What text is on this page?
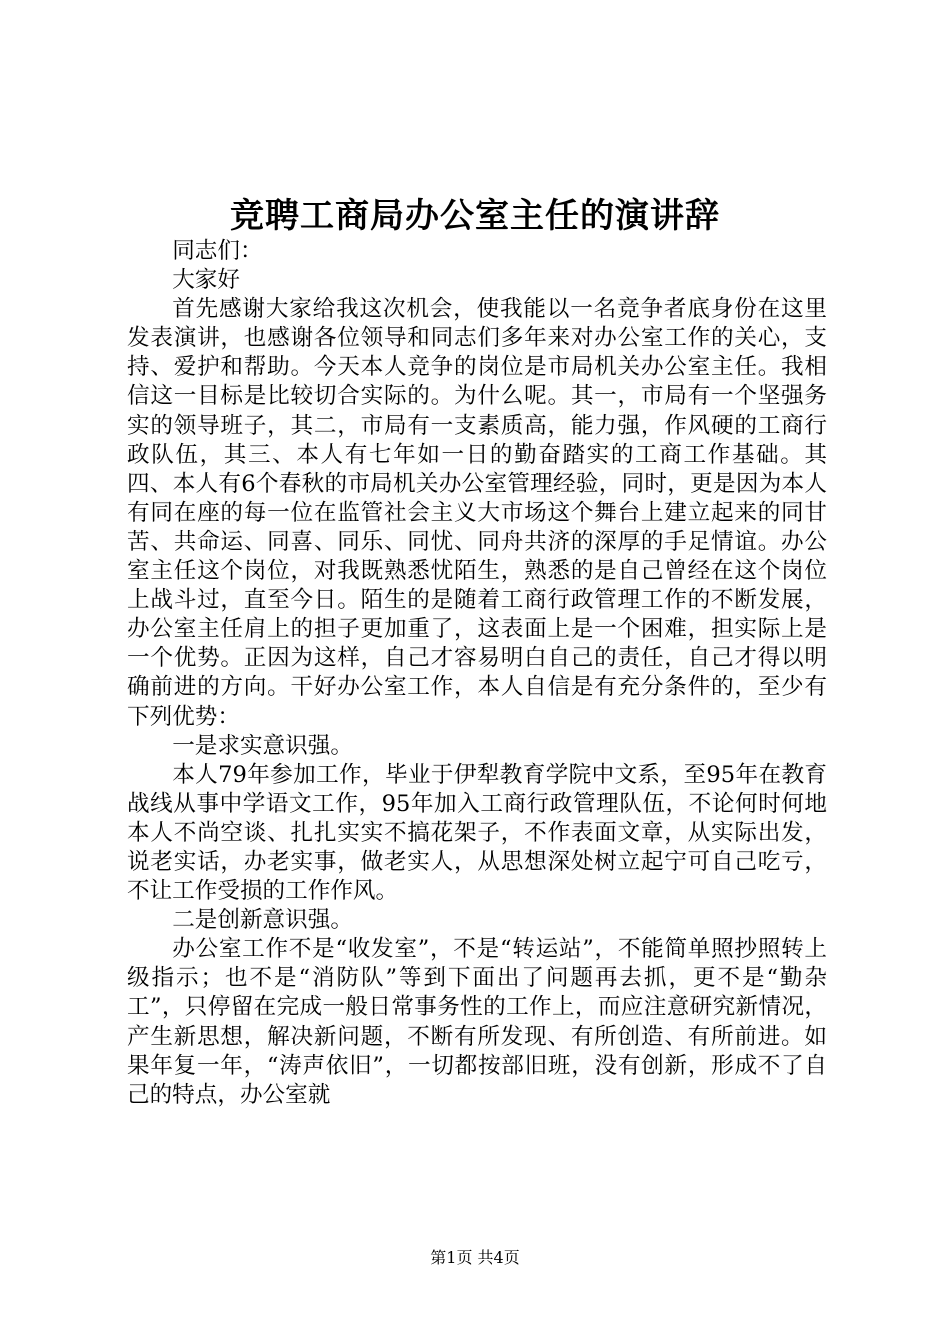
竞聘工商局办公室主任的演讲辞

同志们：

大家好

首先感谢大家给我这次机会，使我能以一名竞争者底身份在这里发表演讲，也感谢各位领导和同志们多年来对办公室工作的关心，支持、爱护和帮助。今天本人竞争的岗位是市局机关办公室主任。我相信这一目标是比较切合实际的。为什么呢。其一，市局有一个坚强务实的领导班子，其二，市局有一支素质高，能力强，作风硬的工商行政队伍，其三、本人有七年如一日的勤奋踏实的工商工作基础。其四、本人有6个春秋的市局机关办公室管理经验，同时，更是因为本人有同在座的每一位在监管社会主义大市场这个舞台上建立起来的同甘苦、共命运、同喜、同乐、同忧、同舟共济的深厚的手足情谊。办公室主任这个岗位，对我既熟悉忧陌生，熟悉的是自己曾经在这个岗位上战斗过，直至今日。陌生的是随着工商行政管理工作的不断发展，办公室主任肩上的担子更加重了，这表面上是一个困难，担实际上是一个优势。正因为这样，自己才容易明白自己的责任，自己才得以明确前进的方向。干好办公室工作，本人自信是有充分条件的，至少有下列优势：

一是求实意识强。

本人79年参加工作，毕业于伊犁教育学院中文系，至95年在教育战线从事中学语文工作，95年加入工商行政管理队伍，不论何时何地本人不尚空谈、扎扎实实不搞花架子，不作表面文章，从实际出发，说老实话，办老实事，做老实人，从思想深处树立起宁可自己吃亏，不让工作受损的工作作风。

二是创新意识强。

办公室工作不是“收发室”，不是“转运站”，不能简单照抄照转上级指示；也不是“消防队”等到下面出了问题再去抓，更不是“勤杂工”，只停留在完成一般日常事务性的工作上，而应注意研究新情况，产生新思想，解决新问题，不断有所发现、有所创造、有所前进。如果年复一年，“涛声依旧”，一切都按部旧班，没有创新，形成不了自己的特点，办公室就

第1页 共4页
